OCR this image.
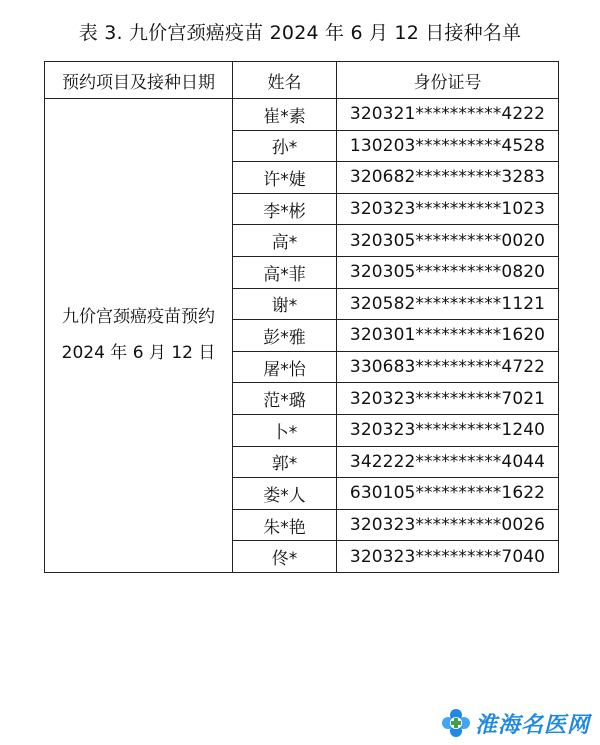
表 3. 九价宫颈癌疫苗 2024 年 6 月 12 日接种名单
预约项目及接种日期	姓名	身份证号

九价宫颈癌疫苗预约
2024 年 6 月 12 日	崔*素	320321**********4222
	孙*	130203**********4528
	许*婕	320682**********3283
	李*彬	320323**********1023
	高*	320305**********0020
	高*菲	320305**********0820
	谢*	320582**********1121
	彭*雅	320301**********1620
	屠*怡	330683**********4722
	范*璐	320323**********7021
	卜*	320323**********1240
	郭*	342222**********4044
	娄*人	630105**********1622
	朱*艳	320323**********0026
	佟*	320323**********7040
淮海名医网
